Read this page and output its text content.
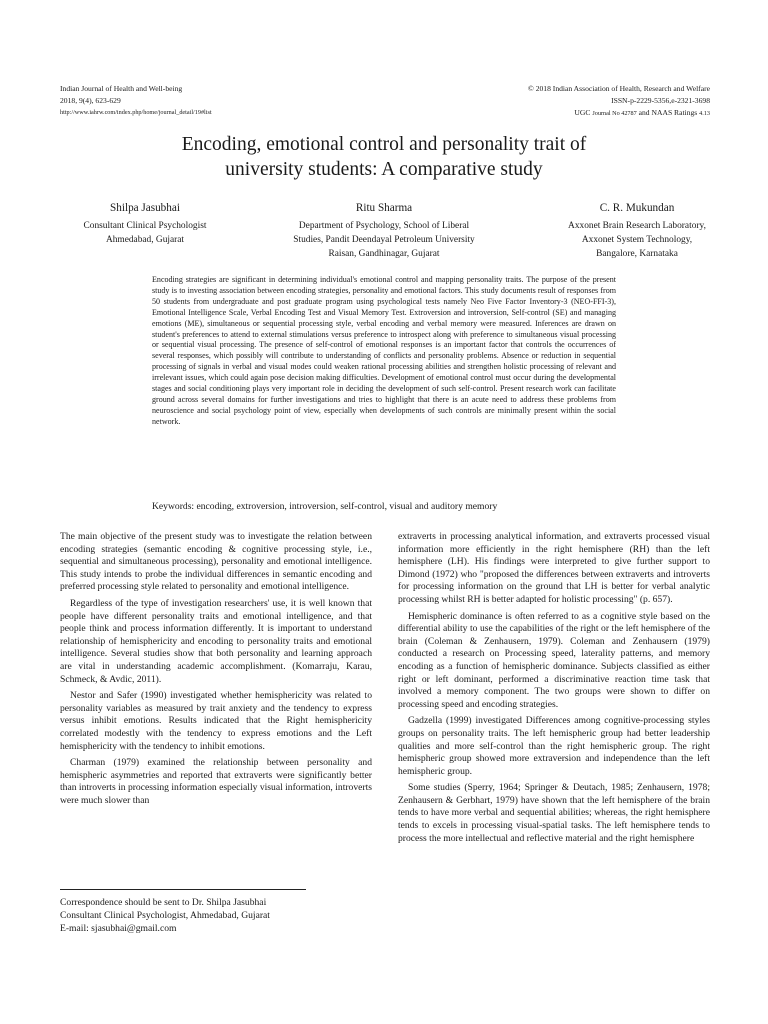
Indian Journal of Health and Well-being
2018, 9(4), 623-629
http://www.iahrw.com/index.php/home/journal_detail/19#list
© 2018 Indian Association of Health, Research and Welfare
ISSN-p-2229-5356,e-2321-3698
UGC Journal No 42787 and NAAS Ratings 4.13
Encoding, emotional control and personality trait of
university students: A comparative study
Shilpa Jasubhai
Consultant Clinical Psychologist
Ahmedabad, Gujarat
Ritu Sharma
Department of Psychology, School of Liberal
Studies, Pandit Deendayal Petroleum University
Raisan, Gandhinagar, Gujarat
C. R. Mukundan
Axxonet Brain Research Laboratory,
Axxonet System Technology,
Bangalore, Karnataka

Encoding strategies are significant in determining individual's emotional control and mapping personality traits. The purpose of the present study is to investing association between encoding strategies, personality and emotional factors. This study documents result of responses from 50 students from undergraduate and post graduate program using psychological tests namely Neo Five Factor Inventory-3 (NEO-FFI-3), Emotional Intelligence Scale, Verbal Encoding Test and Visual Memory Test. Extroversion and introversion, Self-control (SE) and managing emotions (ME), simultaneous or sequential processing style, verbal encoding and verbal memory were measured. Inferences are drawn on student's preferences to attend to external stimulations versus preference to introspect along with preference to simultaneous visual processing or sequential visual processing. The presence of self-control of emotional responses is an important factor that controls the occurrences of several responses, which possibly will contribute to understanding of conflicts and personality problems. Absence or reduction in sequential processing of signals in verbal and visual modes could weaken rational processing abilities and strengthen holistic processing of relevant and irrelevant issues, which could again pose decision making difficulties. Development of emotional control must occur during the developmental stages and social conditioning plays very important role in deciding the development of such self-control. Present research work can facilitate ground across several domains for further investigations and tries to highlight that there is an acute need to address these problems from neuroscience and social psychology point of view, especially when developments of such controls are minimally present within the social network.

Keywords: encoding, extroversion, introversion, self-control, visual and auditory memory

The main objective of the present study was to investigate the relation between encoding strategies (semantic encoding & cognitive processing style, i.e., sequential and simultaneous processing), personality and emotional intelligence. This study intends to probe the individual differences in semantic encoding and preferred processing style related to personality and emotional intelligence.

Regardless of the type of investigation researchers' use, it is well known that people have different personality traits and emotional intelligence, and that people think and process information differently. It is important to understand relationship of hemisphericity and encoding to personality traits and emotional intelligence. Several studies show that both personality and learning approach are vital in understanding academic accomplishment. (Komarraju, Karau, Schmeck, & Avdic, 2011).

Nestor and Safer (1990) investigated whether hemisphericity was related to personality variables as measured by trait anxiety and the tendency to express versus inhibit emotions. Results indicated that the Right hemisphericity correlated modestly with the tendency to express emotions and the Left hemisphericity with the tendency to inhibit emotions.

Charman (1979) examined the relationship between personality and hemispheric asymmetries and reported that extraverts were significantly better than introverts in processing information especially visual information, introverts were much slower than

extraverts in processing analytical information, and extraverts processed visual information more efficiently in the right hemisphere (RH) than the left hemisphere (LH). His findings were interpreted to give further support to Dimond (1972) who "proposed the differences between extraverts and introverts for processing information on the ground that LH is better for verbal analytic processing whilst RH is better adapted for holistic processing" (p. 657).

Hemispheric dominance is often referred to as a cognitive style based on the differential ability to use the capabilities of the right or the left hemisphere of the brain (Coleman & Zenhausern, 1979). Coleman and Zenhausern (1979) conducted a research on Processing speed, laterality patterns, and memory encoding as a function of hemispheric dominance. Subjects classified as either right or left dominant, performed a discriminative reaction time task that involved a memory component. The two groups were shown to differ on processing speed and encoding strategies.

Gadzella (1999) investigated Differences among cognitive-processing styles groups on personality traits. The left hemispheric group had better leadership qualities and more self-control than the right hemispheric group. The right hemispheric group showed more extraversion and independence than the left hemispheric group.

Some studies (Sperry, 1964; Springer & Deutach, 1985; Zenhausern, 1978; Zenhausern & Gerbhart, 1979) have shown that the left hemisphere of the brain tends to have more verbal and sequential abilities; whereas, the right hemisphere tends to excels in processing visual-spatial tasks. The left hemisphere tends to process the more intellectual and reflective material and the right hemisphere

Correspondence should be sent to Dr. Shilpa Jasubhai
Consultant Clinical Psychologist, Ahmedabad, Gujarat
E-mail: sjasubhai@gmail.com
